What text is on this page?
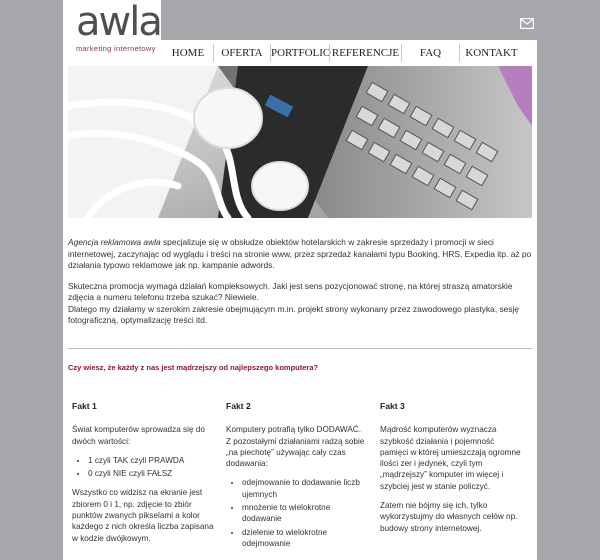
awla
marketing internetowy	HOME	OFERTA PORTFOLIO REFERENCJE	FAQ	KONTAKT

Agencja reklamowa awla specjalizuje się w obsłudze obiektów hotelarskich w zakresie sprzedaży i promocji w sieci internetowej, zaczynając od wyglądu i treści na stronie www, przez sprzedaż kanałami typu Booking, HRS, Expedia itp. aż po działania typowo reklamowe jak np. kampanie adwords.

Skuteczna promocja wymaga działań kompleksowych. Jaki jest sens pozycjonować stronę, na której straszą amatorskie zdjęcia a numeru telefonu trzeba szukać? Niewiele.
Dlatego my działamy w szerokim zakresie obejmującym m.in. projekt strony wykonany przez zawodowego plastyka, sesję fotograficzną, optymalizację treści itd.

Czy wiesz, że każdy z nas jest mądrzejszy od najlepszego komputera?
Fakt 1

Świat komputerów sprowadza się do dwóch wartości:

• 1 czyli TAK czyli PRAWDA
• 0 czyli NIE czyli FAŁSZ

Wszystko co widzisz na ekranie jest zbiorem 0 i 1, np. zdjęcie to zbiór punktów zwanych pikselami a kolor każdego z nich określa liczba zapisana w kodzie dwójkowym.

Fakt 2

Komputery potrafią tylko DODAWAĆ. Z pozostałymi działaniami radzą sobie „na piechotę” używając cały czas dodawania:

• odejmowanie to dodawanie liczb ujemnych
• mnożenie to wielokrotne dodawanie
• dzielenie to wielokrotne odejmowanie
Fakt 3

Mądrość komputerów wyznacza szybkość działania i pojemność pamięci w której umieszczają ogromne ilości zer i jedynek, czyli tym „mądrzejszy” komputer im więcej i szybciej jest w stanie policzyć.

Zatem nie bójmy się ich, tylko wykorzystujmy do własnych celów np. budowy strony internetowej.
